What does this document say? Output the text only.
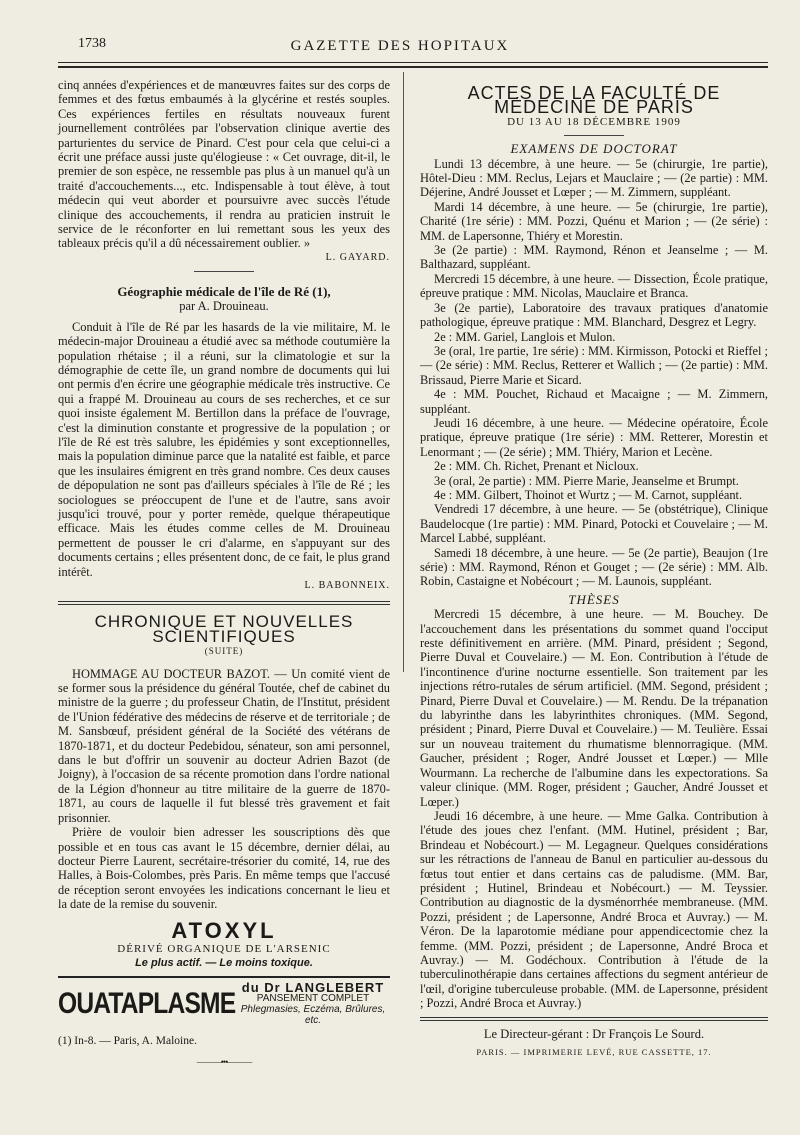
1738	GAZETTE DES HOPITAUX

cinq années d'expériences et de manœuvres faites sur des corps de femmes et des fœtus embaumés à la glycérine et restés souples. Ces expériences fertiles en résultats nouveaux furent journellement contrôlées par l'observation clinique avertie des parturientes du service de Pinard. C'est pour cela que celui-ci a écrit une préface aussi juste qu'élogieuse : « Cet ouvrage, dit-il, le premier de son espèce, ne ressemble pas plus à un manuel qu'à un traité d'accouchements..., etc. Indispensable à tout élève, à tout médecin qui veut aborder et poursuivre avec succès l'étude clinique des accouchements, il rendra au praticien instruit le service de le réconforter en lui remettant sous les yeux des tableaux précis qu'il a dû nécessairement oublier. »

L. GAYARD.
Géographie médicale de l'île de Ré (1),
par A. Drouineau.

Conduit à l'île de Ré par les hasards de la vie militaire, M. le médecin-major Drouineau a étudié avec sa méthode coutumière la population rhétaise ; il a réuni, sur la climatologie et sur la démographie de cette île, un grand nombre de documents qui lui ont permis d'en écrire une géographie médicale très instructive. Ce qui a frappé M. Drouineau au cours de ses recherches, et ce sur quoi insiste également M. Bertillon dans la préface de l'ouvrage, c'est la diminution constante et progressive de la population ; or l'île de Ré est très salubre, les épidémies y sont exceptionnelles, mais la population diminue parce que la natalité est faible, et parce que les insulaires émigrent en très grand nombre. Ces deux causes de dépopulation ne sont pas d'ailleurs spéciales à l'île de Ré ; les sociologues se préoccupent de l'une et de l'autre, sans avoir jusqu'ici trouvé, pour y porter remède, quelque thérapeutique efficace. Mais les études comme celles de M. Drouineau permettent de pousser le cri d'alarme, en s'appuyant sur des documents certains ; elles présentent donc, de ce fait, le plus grand intérêt.

L. BABONNEIX.
CHRONIQUE ET NOUVELLES SCIENTIFIQUES
(SUITE)

HOMMAGE AU DOCTEUR BAZOT. — Un comité vient de se former sous la présidence du général Toutée, chef de cabinet du ministre de la guerre ; du professeur Chatin, de l'Institut, président de l'Union fédérative des médecins de réserve et de territoriale ; de M. Sansbœuf, président général de la Société des vétérans de 1870-1871, et du docteur Pedebidou, sénateur, son ami personnel, dans le but d'offrir un souvenir au docteur Adrien Bazot (de Joigny), à l'occasion de sa récente promotion dans l'ordre national de la Légion d'honneur au titre militaire de la guerre de 1870-1871, au cours de laquelle il fut blessé très gravement et fait prisonnier.

Prière de vouloir bien adresser les souscriptions dès que possible et en tous cas avant le 15 décembre, dernier délai, au docteur Pierre Laurent, secrétaire-trésorier du comité, 14, rue des Halles, à Bois-Colombes, près Paris. En même temps que l'accusé de réception seront envoyées les indications concernant le lieu et la date de la remise du souvenir.

ATOXYL
DÉRIVÉ ORGANIQUE DE L'ARSENIC
Le plus actif. — Le moins toxique.
OUATAPLASME du Dr LANGLEBERT
PANSEMENT COMPLET
Phlegmasies, Eczéma, Brûlures, etc.
(1) In-8. — Paris, A. Maloine.
———•••———
ACTES DE LA FACULTÉ DE MÉDECINE DE PARIS
DU 13 AU 18 DÉCEMBRE 1909
EXAMENS DE DOCTORAT

Lundi 13 décembre, à une heure. — 5e (chirurgie, 1re partie), Hôtel-Dieu : MM. Reclus, Lejars et Mauclaire ; — (2e partie) : MM. Déjerine, André Jousset et Lœper ; — M. Zimmern, suppléant.

Mardi 14 décembre, à une heure. — 5e (chirurgie, 1re partie), Charité (1re série) : MM. Pozzi, Quénu et Marion ; — (2e série) : MM. de Lapersonne, Thiéry et Morestin.

3e (2e partie) : MM. Raymond, Rénon et Jeanselme ; — M. Balthazard, suppléant.

Mercredi 15 décembre, à une heure. — Dissection, École pratique, épreuve pratique : MM. Nicolas, Mauclaire et Branca.

3e (2e partie), Laboratoire des travaux pratiques d'anatomie pathologique, épreuve pratique : MM. Blanchard, Desgrez et Legry.

2e : MM. Gariel, Langlois et Mulon.

3e (oral, 1re partie, 1re série) : MM. Kirmisson, Potocki et Rieffel ; — (2e série) : MM. Reclus, Retterer et Wallich ; — (2e partie) : MM. Brissaud, Pierre Marie et Sicard.

4e : MM. Pouchet, Richaud et Macaigne ; — M. Zimmern, suppléant.

Jeudi 16 décembre, à une heure. — Médecine opératoire, École pratique, épreuve pratique (1re série) : MM. Retterer, Morestin et Lenormant ; — (2e série) ; MM. Thiéry, Marion et Lecène.

2e : MM. Ch. Richet, Prenant et Nicloux.

3e (oral, 2e partie) : MM. Pierre Marie, Jeanselme et Brumpt.

4e : MM. Gilbert, Thoinot et Wurtz ; — M. Carnot, suppléant.

Vendredi 17 décembre, à une heure. — 5e (obstétrique), Clinique Baudelocque (1re partie) : MM. Pinard, Potocki et Couvelaire ; — M. Marcel Labbé, suppléant.

Samedi 18 décembre, à une heure. — 5e (2e partie), Beaujon (1re série) : MM. Raymond, Rénon et Gouget ; — (2e série) : MM. Alb. Robin, Castaigne et Nobécourt ; — M. Launois, suppléant.

THÈSES

Mercredi 15 décembre, à une heure. — M. Bouchey. De l'accouchement dans les présentations du sommet quand l'occiput reste définitivement en arrière. (MM. Pinard, président ; Segond, Pierre Duval et Couvelaire.) — M. Eon. Contribution à l'étude de l'incontinence d'urine nocturne essentielle. Son traitement par les injections rétro-rutales de sérum artificiel. (MM. Segond, président ; Pinard, Pierre Duval et Couvelaire.) — M. Rendu. De la trépanation du labyrinthe dans les labyrinthites chroniques. (MM. Segond, président ; Pinard, Pierre Duval et Couvelaire.) — M. Teulière. Essai sur un nouveau traitement du rhumatisme blennorragique. (MM. Gaucher, président ; Roger, André Jousset et Lœper.) — Mlle Wourmann. La recherche de l'albumine dans les expectorations. Sa valeur clinique. (MM. Roger, président ; Gaucher, André Jousset et Lœper.)

Jeudi 16 décembre, à une heure. — Mme Galka. Contribution à l'étude des joues chez l'enfant. (MM. Hutinel, président ; Bar, Brindeau et Nobécourt.) — M. Legagneur. Quelques considérations sur les rétractions de l'anneau de Banul en particulier au-dessous du fœtus tout entier et dans certains cas de paludisme. (MM. Bar, président ; Hutinel, Brindeau et Nobécourt.) — M. Teyssier. Contribution au diagnostic de la dysménorrhée membraneuse. (MM. Pozzi, président ; de Lapersonne, André Broca et Auvray.) — M. Véron. De la laparotomie médiane pour appendicectomie chez la femme. (MM. Pozzi, président ; de Lapersonne, André Broca et Auvray.) — M. Godéchoux. Contribution à l'étude de la tuberculinothérapie dans certaines affections du segment antérieur de l'œil, d'origine tuberculeuse probable. (MM. de Lapersonne, président ; Pozzi, André Broca et Auvray.)

Le Directeur-gérant : Dr François Le Sourd.
PARIS. — IMPRIMERIE LEVÉ, RUE CASSETTE, 17.
